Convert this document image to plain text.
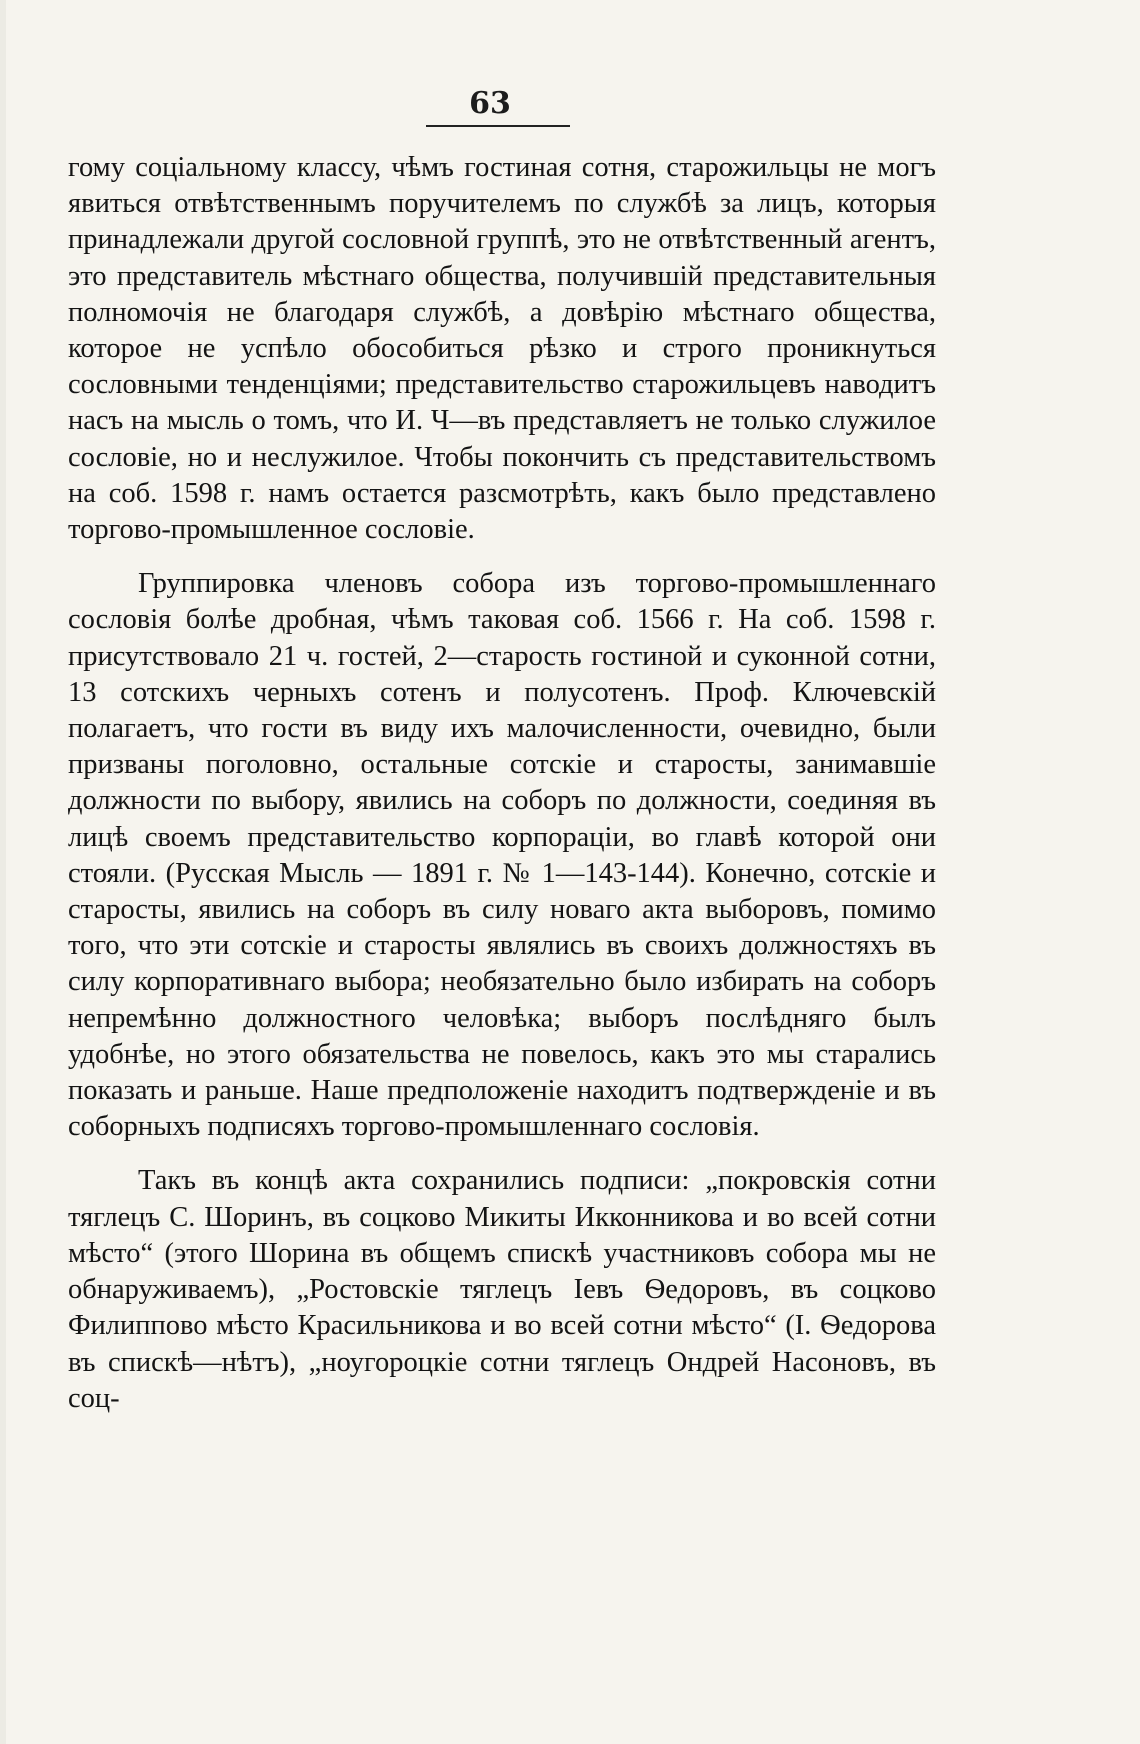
63

гому соціальному классу, чѣмъ гостиная сотня, старожильцы не могъ явиться отвѣтственнымъ поручителемъ по службѣ за лицъ, которыя принадлежали другой сословной группѣ, это не отвѣтственный агентъ, это представитель мѣстнаго общества, получившій представительныя полномочія не благодаря службѣ, а довѣрію мѣстнаго общества, которое не успѣло обособиться рѣзко и строго проникнуться сословными тенденціями; представительство старожильцевъ наводитъ насъ на мысль о томъ, что И. Ч—въ представляетъ не только служилое сословіе, но и неслужилое. Чтобы покончить съ представительствомъ на соб. 1598 г. намъ остается разсмотрѣть, какъ было представлено торгово-промышленное сословіе.

Группировка членовъ собора изъ торгово-промышленнаго сословія болѣе дробная, чѣмъ таковая соб. 1566 г. На соб. 1598 г. присутствовало 21 ч. гостей, 2—старость гостиной и суконной сотни, 13 сотскихъ черныхъ сотенъ и полусотенъ. Проф. Ключевскій полагаетъ, что гости въ виду ихъ малочисленности, очевидно, были призваны поголовно, остальные сотскіе и старосты, занимавшіе должности по выбору, явились на соборъ по должности, соединяя въ лицѣ своемъ представительство корпораціи, во главѣ которой они стояли. (Русская Мысль — 1891 г. № 1—143-144). Конечно, сотскіе и старосты, явились на соборъ въ силу новаго акта выборовъ, помимо того, что эти сотскіе и старосты являлись въ своихъ должностяхъ въ силу корпоративнаго выбора; необязательно было избирать на соборъ непремѣнно должностного человѣка; выборъ послѣдняго былъ удобнѣе, но этого обязательства не повелось, какъ это мы старались показать и раньше. Наше предположеніе находитъ подтвержденіе и въ соборныхъ подписяхъ торгово-промышленнаго сословія.

Такъ въ концѣ акта сохранились подписи: „покровскія сотни тяглецъ С. Шоринъ, въ соцково Микиты Икконникова и во всей сотни мѣсто“ (этого Шорина въ общемъ спискѣ участниковъ собора мы не обнаруживаемъ), „Ростовскіе тяглецъ Іевъ Ѳедоровъ, въ соцково Филиппово мѣсто Красильникова и во всей сотни мѣсто“ (І. Ѳедорова въ спискѣ—нѣтъ), „ноугороцкіе сотни тяглецъ Ондрей Насоновъ, въ соц-
